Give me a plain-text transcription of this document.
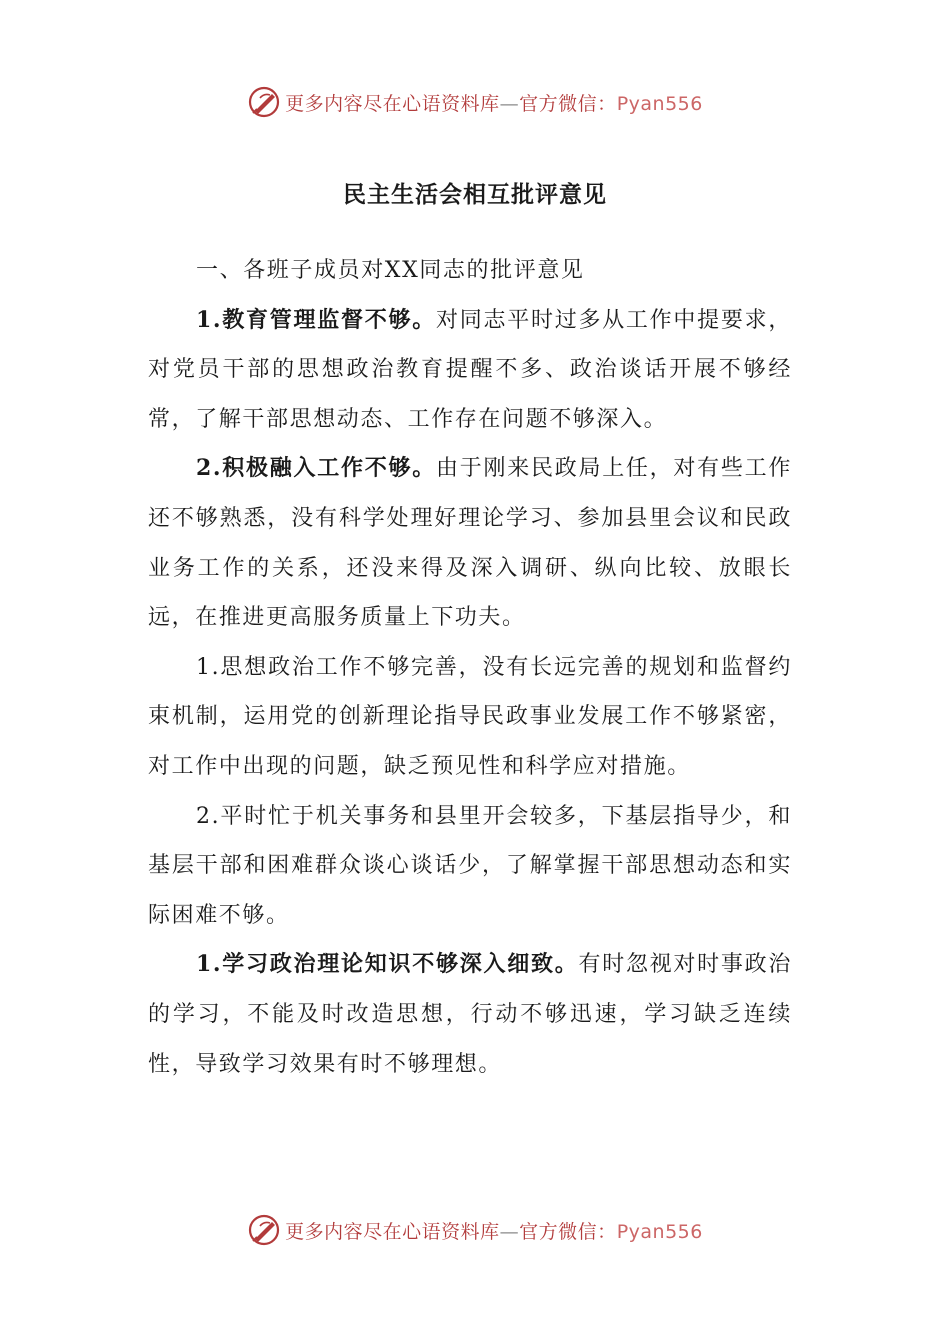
更多内容尽在心语资料库—官方微信：Pyan556
民主生活会相互批评意见

一、各班子成员对XX同志的批评意见

1.教育管理监督不够。对同志平时过多从工作中提要求，对党员干部的思想政治教育提醒不多、政治谈话开展不够经常，了解干部思想动态、工作存在问题不够深入。

2.积极融入工作不够。由于刚来民政局上任，对有些工作还不够熟悉，没有科学处理好理论学习、参加县里会议和民政业务工作的关系，还没来得及深入调研、纵向比较、放眼长远，在推进更高服务质量上下功夫。

1.思想政治工作不够完善，没有长远完善的规划和监督约束机制，运用党的创新理论指导民政事业发展工作不够紧密，对工作中出现的问题，缺乏预见性和科学应对措施。

2.平时忙于机关事务和县里开会较多，下基层指导少，和基层干部和困难群众谈心谈话少，了解掌握干部思想动态和实际困难不够。

1.学习政治理论知识不够深入细致。有时忽视对时事政治的学习，不能及时改造思想，行动不够迅速，学习缺乏连续性，导致学习效果有时不够理想。

更多内容尽在心语资料库—官方微信：Pyan556
